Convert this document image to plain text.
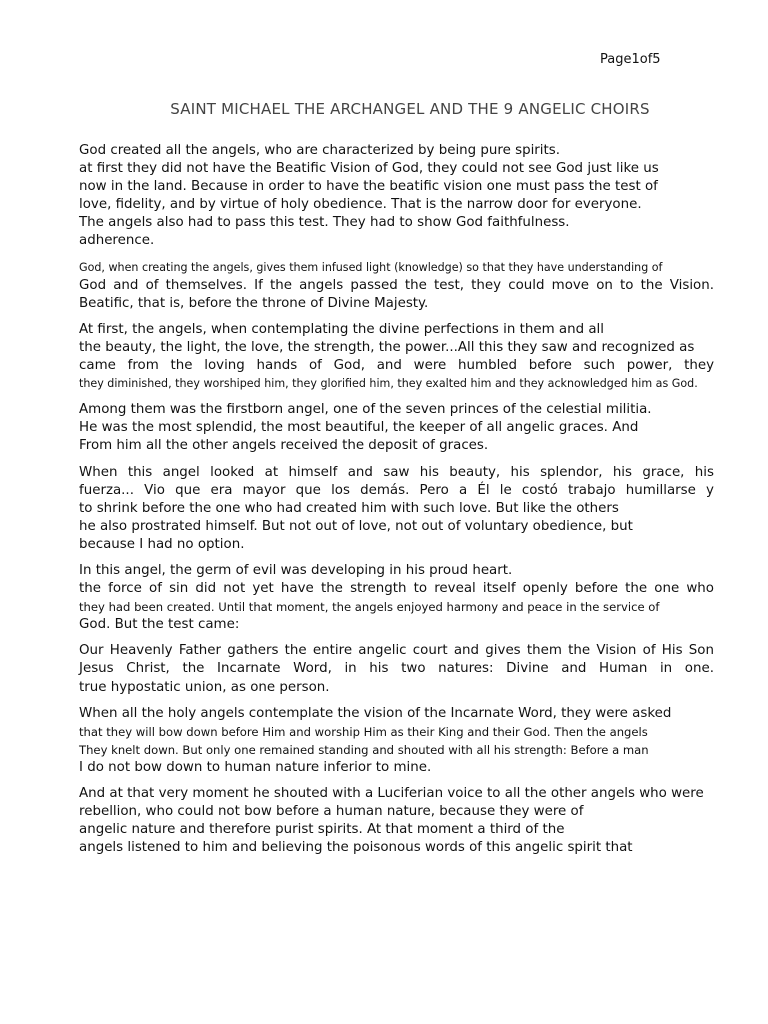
Page1of5
SAINT MICHAEL THE ARCHANGEL AND THE 9 ANGELIC CHOIRS

God created all the angels, who are characterized by being pure spirits.
at first they did not have the Beatific Vision of God, they could not see God just like us
now in the land. Because in order to have the beatific vision one must pass the test of
love, fidelity, and by virtue of holy obedience. That is the narrow door for everyone.
The angels also had to pass this test. They had to show God faithfulness.
adherence.

God, when creating the angels, gives them infused light (knowledge) so that they have understanding of
God and of themselves. If the angels passed the test, they could move on to the Vision.
Beatific, that is, before the throne of Divine Majesty.

At first, the angels, when contemplating the divine perfections in them and all
the beauty, the light, the love, the strength, the power...All this they saw and recognized as
came from the loving hands of God, and were humbled before such power, they
they diminished, they worshiped him, they glorified him, they exalted him and they acknowledged him as God.

Among them was the firstborn angel, one of the seven princes of the celestial militia.
He was the most splendid, the most beautiful, the keeper of all angelic graces. And
From him all the other angels received the deposit of graces.

When this angel looked at himself and saw his beauty, his splendor, his grace, his
fuerza... Vio que era mayor que los demás. Pero a Él le costó trabajo humillarse y
to shrink before the one who had created him with such love. But like the others
he also prostrated himself. But not out of love, not out of voluntary obedience, but
because I had no option.

In this angel, the germ of evil was developing in his proud heart.
the force of sin did not yet have the strength to reveal itself openly before the one who
they had been created. Until that moment, the angels enjoyed harmony and peace in the service of
God. But the test came:

Our Heavenly Father gathers the entire angelic court and gives them the Vision of His Son
Jesus Christ, the Incarnate Word, in his two natures: Divine and Human in one.
true hypostatic union, as one person.

When all the holy angels contemplate the vision of the Incarnate Word, they were asked
that they will bow down before Him and worship Him as their King and their God. Then the angels
They knelt down. But only one remained standing and shouted with all his strength: Before a man
I do not bow down to human nature inferior to mine.

And at that very moment he shouted with a Luciferian voice to all the other angels who were
rebellion, who could not bow before a human nature, because they were of
angelic nature and therefore purist spirits. At that moment a third of the
angels listened to him and believing the poisonous words of this angelic spirit that
